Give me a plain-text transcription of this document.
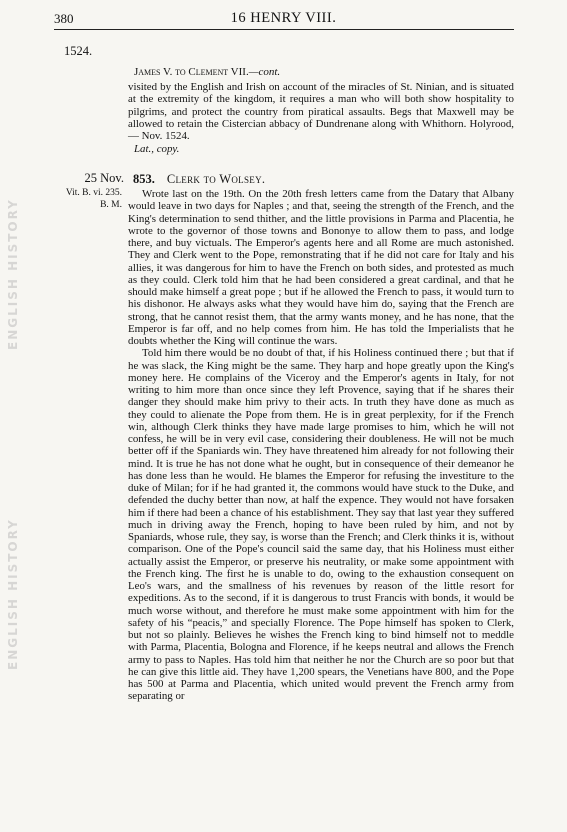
380	16 HENRY VIII.
1524.
ENGLISH HISTORY
ENGLISH HISTORY
James V. to Clement VII.—cont.

visited by the English and Irish on account of the miracles of St. Ninian, and is situated at the extremity of the kingdom, it requires a man who will both show hospitality to pilgrims, and protect the country from piratical assaults. Begs that Maxwell may be allowed to retain the Cistercian abbacy of Dundrenane along with Whithorn. Holyrood, — Nov. 1524.

Lat., copy.

25 Nov.
Vit. B. vi. 235.
B. M.
853. Clerk to Wolsey.

Wrote last on the 19th. On the 20th fresh letters came from the Datary that Albany would leave in two days for Naples ; and that, seeing the strength of the French, and the King's determination to send thither, and the little provisions in Parma and Placentia, he wrote to the governor of those towns and Bononye to allow them to pass, and lodge there, and buy victuals. The Emperor's agents here and all Rome are much astonished. They and Clerk went to the Pope, remonstrating that if he did not care for Italy and his allies, it was dangerous for him to have the French on both sides, and protested as much as they could. Clerk told him that he had been considered a great cardinal, and that he should make himself a great pope ; but if he allowed the French to pass, it would turn to his dishonor. He always asks what they would have him do, saying that the French are strong, that he cannot resist them, that the army wants money, and he has none, that the Emperor is far off, and no help comes from him. He has told the Imperialists that he doubts whether the King will continue the wars.

Told him there would be no doubt of that, if his Holiness continued there ; but that if he was slack, the King might be the same. They harp and hope greatly upon the King's money here. He complains of the Viceroy and the Emperor's agents in Italy, for not writing to him more than once since they left Provence, saying that if he shares their danger they should make him privy to their acts. In truth they have done as much as they could to alienate the Pope from them. He is in great perplexity, for if the French win, although Clerk thinks they have made large promises to him, which he will not confess, he will be in very evil case, considering their doubleness. He will not be much better off if the Spaniards win. They have threatened him already for not following their mind. It is true he has not done what he ought, but in consequence of their demeanor he has done less than he would. He blames the Emperor for refusing the investiture to the duke of Milan; for if he had granted it, the commons would have stuck to the Duke, and defended the duchy better than now, at half the expence. They would not have forsaken him if there had been a chance of his establishment. They say that last year they suffered much in driving away the French, hoping to have been ruled by him, and not by Spaniards, whose rule, they say, is worse than the French; and Clerk thinks it is, without comparison. One of the Pope's council said the same day, that his Holiness must either actually assist the Emperor, or preserve his neutrality, or make some appointment with the French king. The first he is unable to do, owing to the exhaustion consequent on Leo's wars, and the smallness of his revenues by reason of the little resort for expeditions. As to the second, if it is dangerous to trust Francis with bonds, it would be much worse without, and therefore he must make some appointment with him for the safety of his “peacis,” and specially Florence. The Pope himself has spoken to Clerk, but not so plainly. Believes he wishes the French king to bind himself not to meddle with Parma, Placentia, Bologna and Florence, if he keeps neutral and allows the French army to pass to Naples. Has told him that neither he nor the Church are so poor but that he can give this little aid. They have 1,200 spears, the Venetians have 800, and the Pope has 500 at Parma and Placentia, which united would prevent the French army from separating or
